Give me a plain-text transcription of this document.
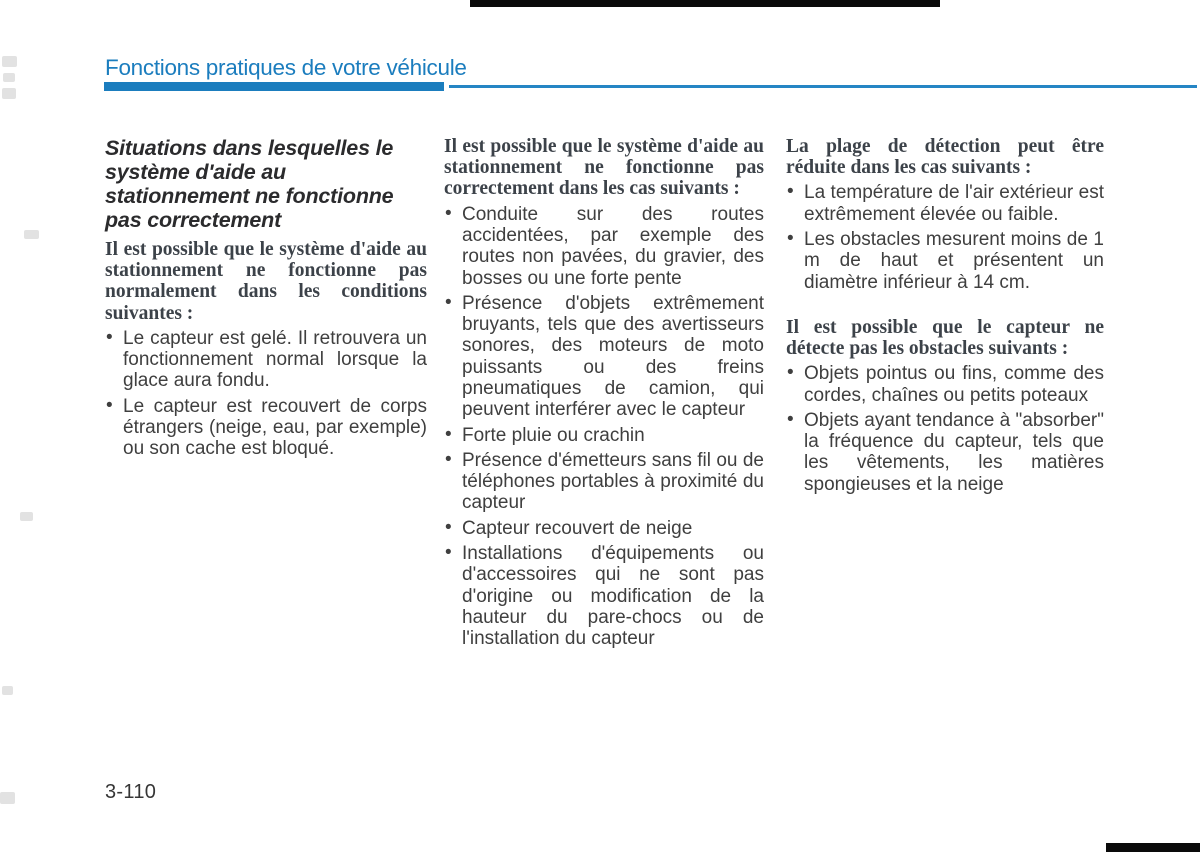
Fonctions pratiques de votre véhicule
Situations dans lesquelles le système d'aide au stationnement ne fonctionne pas correctement

Il est possible que le système d'aide au stationnement ne fonctionne pas normalement dans les conditions suivantes :

• Le capteur est gelé. Il retrouvera un fonctionnement normal lorsque la glace aura fondu.
• Le capteur est recouvert de corps étrangers (neige, eau, par exemple) ou son cache est bloqué.

Il est possible que le système d'aide au stationnement ne fonctionne pas correctement dans les cas suivants :

• Conduite sur des routes accidentées, par exemple des routes non pavées, du gravier, des bosses ou une forte pente
• Présence d'objets extrêmement bruyants, tels que des avertisseurs sonores, des moteurs de moto puissants ou des freins pneumatiques de camion, qui peuvent interférer avec le capteur
• Forte pluie ou crachin
• Présence d'émetteurs sans fil ou de téléphones portables à proximité du capteur
• Capteur recouvert de neige
• Installations d'équipements ou d'accessoires qui ne sont pas d'origine ou modification de la hauteur du pare-chocs ou de l'installation du capteur

La plage de détection peut être réduite dans les cas suivants :

• La température de l'air extérieur est extrêmement élevée ou faible.
• Les obstacles mesurent moins de 1 m de haut et présentent un diamètre inférieur à 14 cm.

Il est possible que le capteur ne détecte pas les obstacles suivants :

• Objets pointus ou fins, comme des cordes, chaînes ou petits poteaux
• Objets ayant tendance à "absorber" la fréquence du capteur, tels que les vêtements, les matières spongieuses et la neige
3-110
